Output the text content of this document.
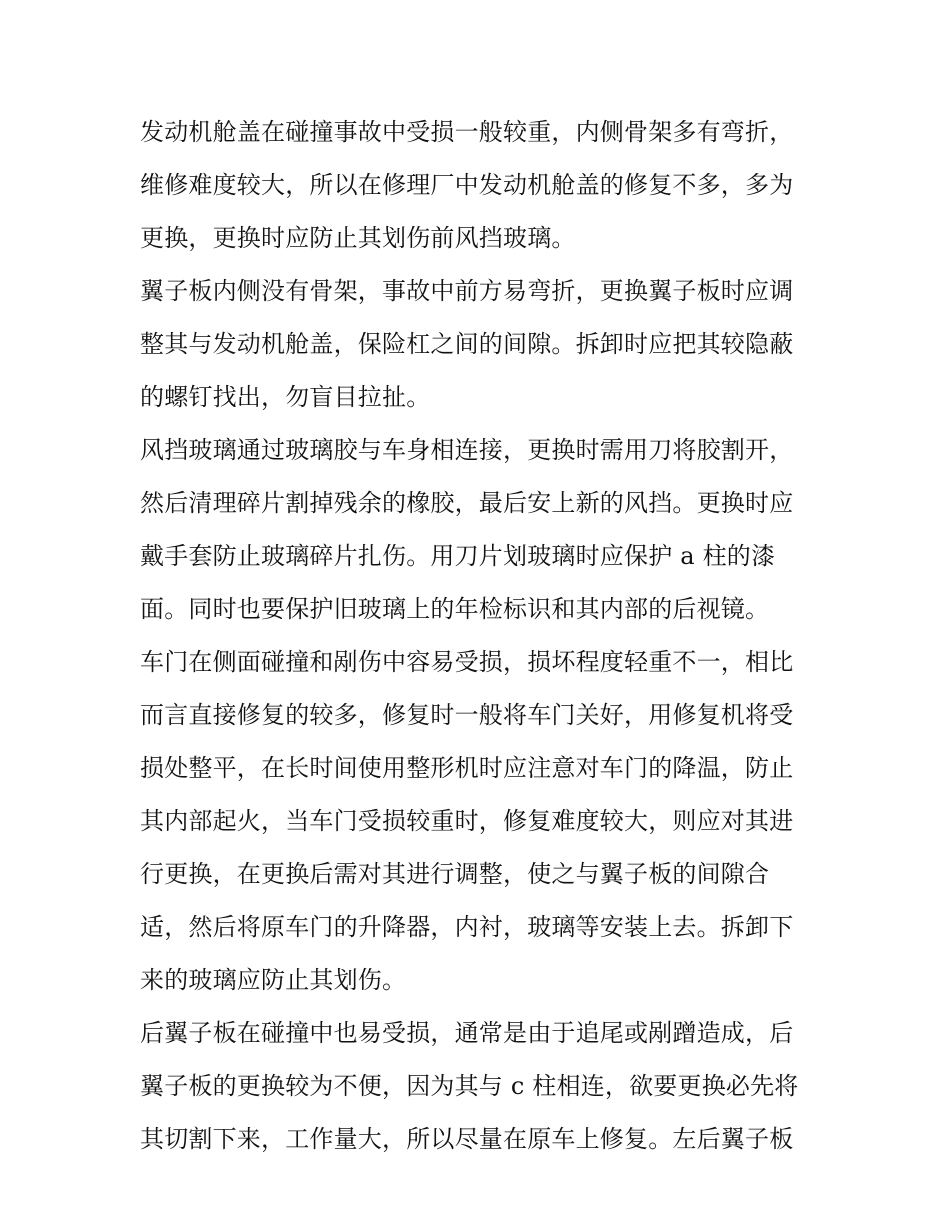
发动机舱盖在碰撞事故中受损一般较重，内侧骨架多有弯折，
维修难度较大，所以在修理厂中发动机舱盖的修复不多，多为
更换，更换时应防止其划伤前风挡玻璃。
翼子板内侧没有骨架，事故中前方易弯折，更换翼子板时应调
整其与发动机舱盖，保险杠之间的间隙。拆卸时应把其较隐蔽
的螺钉找出，勿盲目拉扯。
风挡玻璃通过玻璃胶与车身相连接，更换时需用刀将胶割开，
然后清理碎片割掉残余的橡胶，最后安上新的风挡。更换时应
戴手套防止玻璃碎片扎伤。用刀片划玻璃时应保护 a 柱的漆
面。同时也要保护旧玻璃上的年检标识和其内部的后视镜。
车门在侧面碰撞和剐伤中容易受损，损坏程度轻重不一，相比
而言直接修复的较多，修复时一般将车门关好，用修复机将受
损处整平，在长时间使用整形机时应注意对车门的降温，防止
其内部起火，当车门受损较重时，修复难度较大，则应对其进
行更换，在更换后需对其进行调整，使之与翼子板的间隙合
适，然后将原车门的升降器，内衬，玻璃等安装上去。拆卸下
来的玻璃应防止其划伤。
后翼子板在碰撞中也易受损，通常是由于追尾或剐蹭造成，后
翼子板的更换较为不便，因为其与 c 柱相连，欲要更换必先将
其切割下来，工作量大，所以尽量在原车上修复。左后翼子板
